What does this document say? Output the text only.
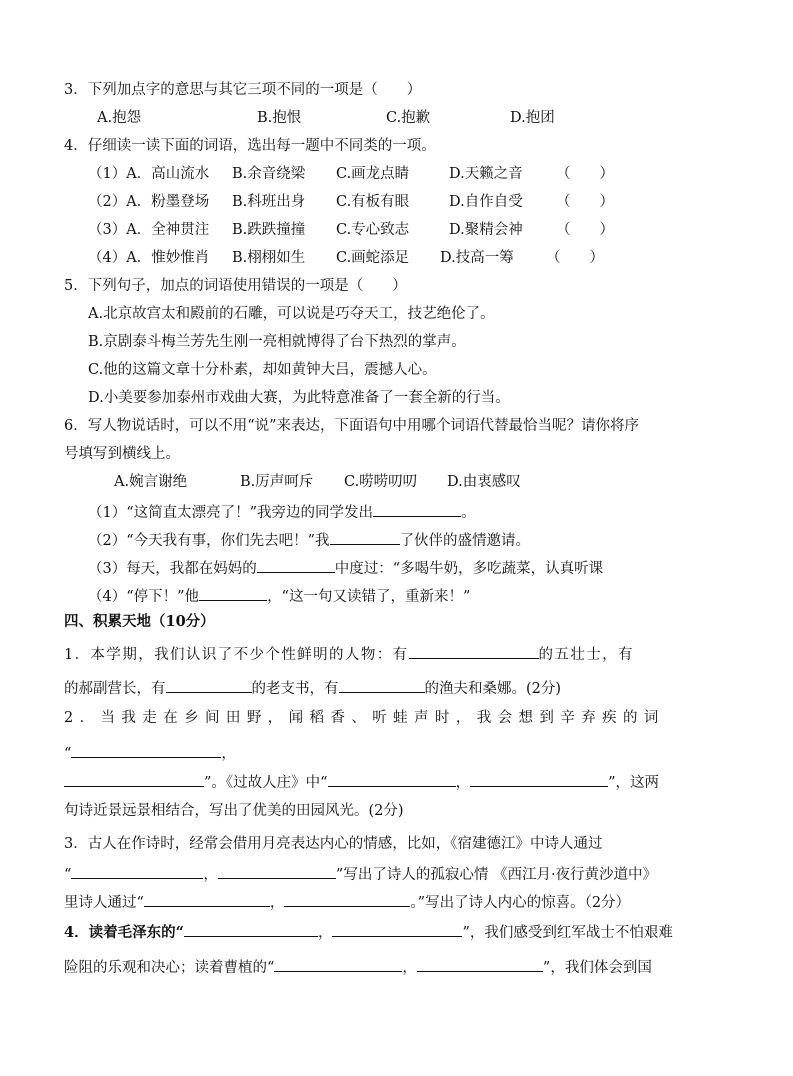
3．下列加点字的意思与其它三项不同的一项是（　　）
A.抱怨	B.抱恨	C.抱歉	D.抱团
4．仔细读一读下面的词语，选出每一题中不同类的一项。
（1）A．高山流水 B.余音绕梁 C.画龙点睛	D.天籁之音 （　　）
（2）A．粉墨登场 B.科班出身 C.有板有眼	D.自作自受 （　　）
（3）A．全神贯注 B.跌跌撞撞 C.专心致志	D.聚精会神 （　　）
（4）A．惟妙惟肖 B.栩栩如生 C.画蛇添足 D.技高一筹 （　　）
5．下列句子，加点的词语使用错误的一项是（　　）
A.北京故宫太和殿前的石雕，可以说是巧夺天工，技艺绝伦了。
B.京剧泰斗梅兰芳先生刚一亮相就博得了台下热烈的掌声。
C.他的这篇文章十分朴素，却如黄钟大吕，震撼人心。
D.小美要参加泰州市戏曲大赛，为此特意准备了一套全新的行当。
6．写人物说话时，可以不用“说”来表达，下面语句中用哪个词语代替最恰当呢？请你将序
号填写到横线上。
A.婉言谢绝	B.厉声呵斥 C.唠唠叨叨 D.由衷感叹
（1）“这简直太漂亮了！”我旁边的同学发出	。
（2）“今天我有事，你们先去吧！”我	了伙伴的盛情邀请。
（3）每天，我都在妈妈的	中度过：“多喝牛奶，多吃蔬菜，认真听课
（4）“停下！”他	，“这一句又读错了，重新来！”
四、积累天地（10分）
1．本学期，我们认识了不少个性鲜明的人物：有	的五壮士，有
的郝副营长，有	的老支书，有	的渔夫和桑娜。(2分)
2．当我走在乡间田野，闻稻香、听蛙声时，我会想到辛弃疾的词
“	，
”。《过故人庄》中“	，	”，这两
句诗近景远景相结合，写出了优美的田园风光。(2分)
3．古人在作诗时，经常会借用月亮表达内心的情感，比如，《宿建德江》中诗人通过
“	，	”写出了诗人的孤寂心情 《西江月·夜行黄沙道中》
里诗人通过“	，	。”写出了诗人内心的惊喜。（2分）
4．读着毛泽东的“	，	”，我们感受到红军战士不怕艰难
险阻的乐观和决心；读着曹植的“	，	”，我们体会到国
